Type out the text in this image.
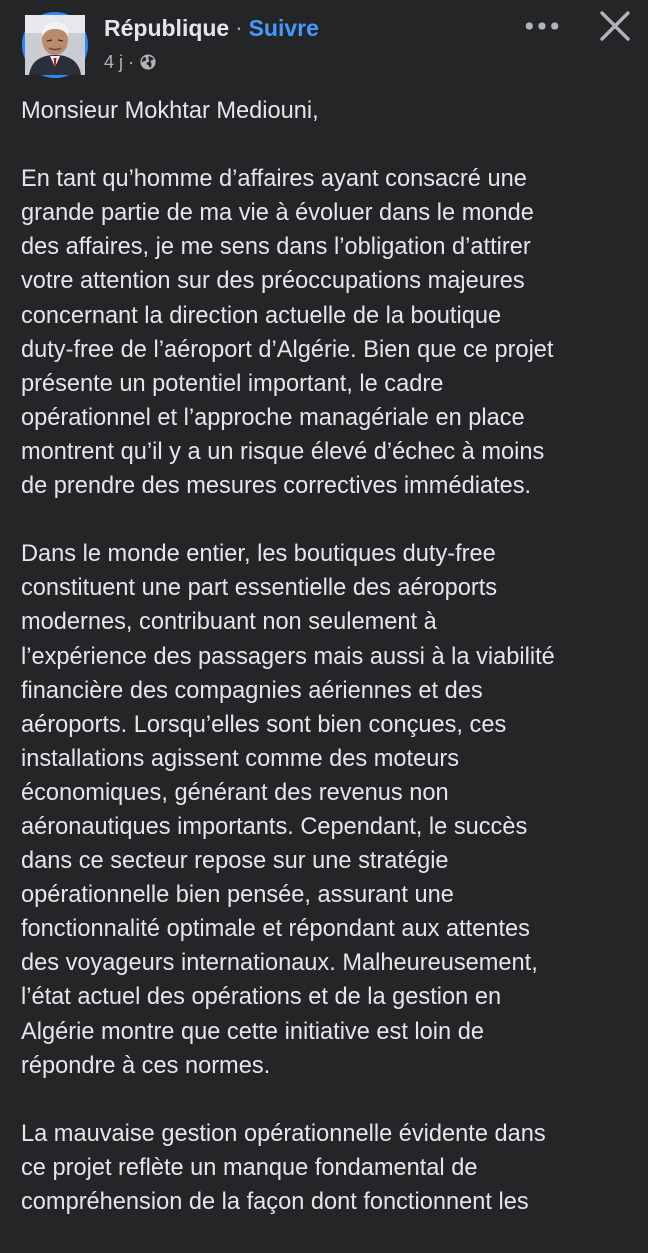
République · Suivre
4 j ·

Monsieur Mokhtar Mediouni,

En tant qu’homme d’affaires ayant consacré une
grande partie de ma vie à évoluer dans le monde
des affaires, je me sens dans l’obligation d’attirer
votre attention sur des préoccupations majeures
concernant la direction actuelle de la boutique
duty-free de l’aéroport d’Algérie. Bien que ce projet
présente un potentiel important, le cadre
opérationnel et l’approche managériale en place
montrent qu’il y a un risque élevé d’échec à moins
de prendre des mesures correctives immédiates.

Dans le monde entier, les boutiques duty-free
constituent une part essentielle des aéroports
modernes, contribuant non seulement à
l’expérience des passagers mais aussi à la viabilité
financière des compagnies aériennes et des
aéroports. Lorsqu’elles sont bien conçues, ces
installations agissent comme des moteurs
économiques, générant des revenus non
aéronautiques importants. Cependant, le succès
dans ce secteur repose sur une stratégie
opérationnelle bien pensée, assurant une
fonctionnalité optimale et répondant aux attentes
des voyageurs internationaux. Malheureusement,
l’état actuel des opérations et de la gestion en
Algérie montre que cette initiative est loin de
répondre à ces normes.

La mauvaise gestion opérationnelle évidente dans
ce projet reflète un manque fondamental de
compréhension de la façon dont fonctionnent les
